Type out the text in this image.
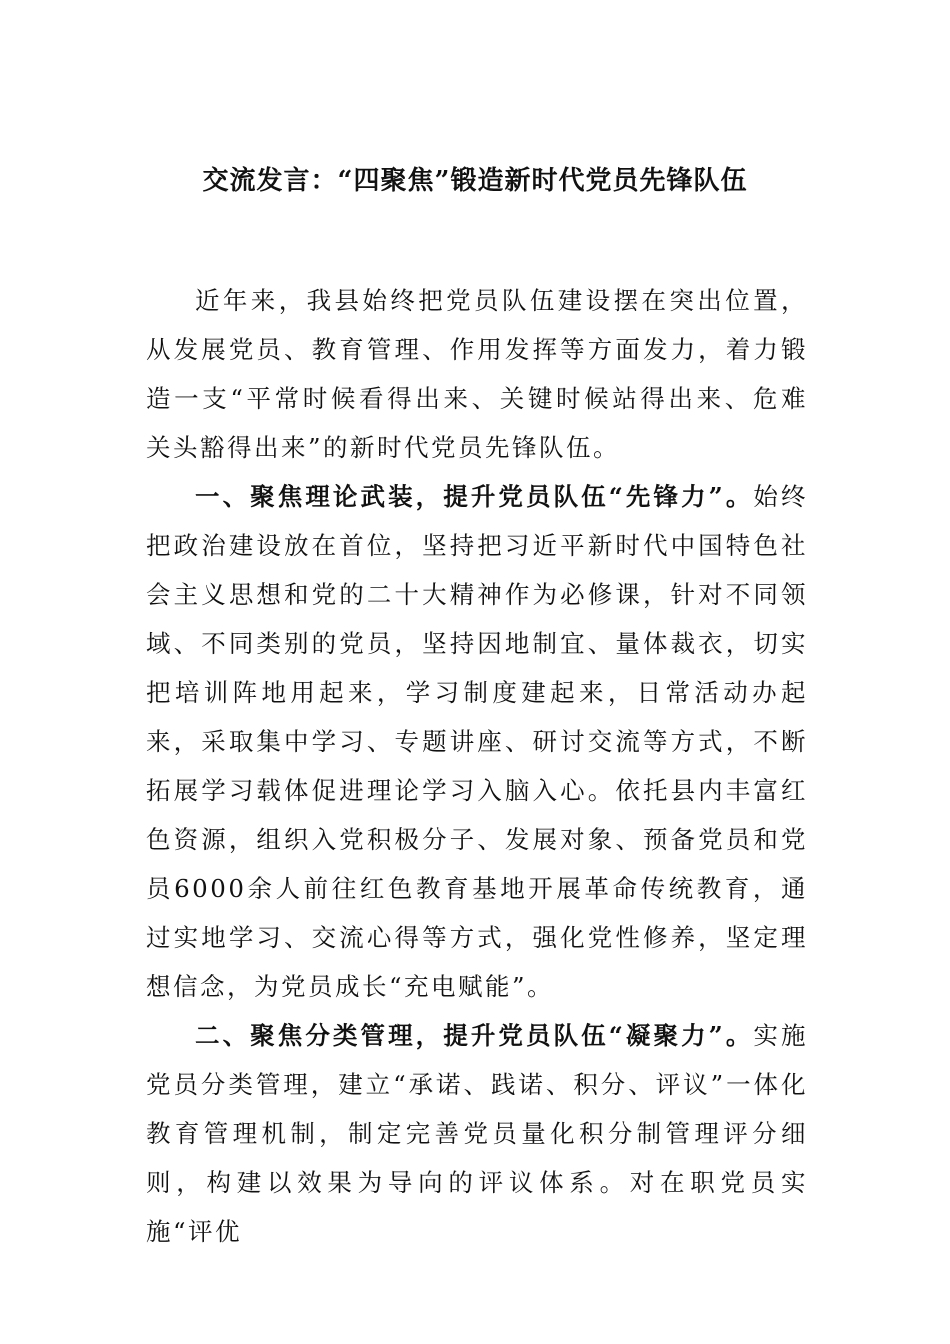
交流发言：“四聚焦”锻造新时代党员先锋队伍

近年来，我县始终把党员队伍建设摆在突出位置，从发展党员、教育管理、作用发挥等方面发力，着力锻造一支“平常时候看得出来、关键时候站得出来、危难关头豁得出来”的新时代党员先锋队伍。

一、聚焦理论武装，提升党员队伍“先锋力”。始终把政治建设放在首位，坚持把习近平新时代中国特色社会主义思想和党的二十大精神作为必修课，针对不同领域、不同类别的党员，坚持因地制宜、量体裁衣，切实把培训阵地用起来，学习制度建起来，日常活动办起来，采取集中学习、专题讲座、研讨交流等方式，不断拓展学习载体促进理论学习入脑入心。依托县内丰富红色资源，组织入党积极分子、发展对象、预备党员和党员6000余人前往红色教育基地开展革命传统教育，通过实地学习、交流心得等方式，强化党性修养，坚定理想信念，为党员成长“充电赋能”。

二、聚焦分类管理，提升党员队伍“凝聚力”。实施党员分类管理，建立“承诺、践诺、积分、评议”一体化教育管理机制，制定完善党员量化积分制管理评分细则，构建以效果为导向的评议体系。对在职党员实施“评优
